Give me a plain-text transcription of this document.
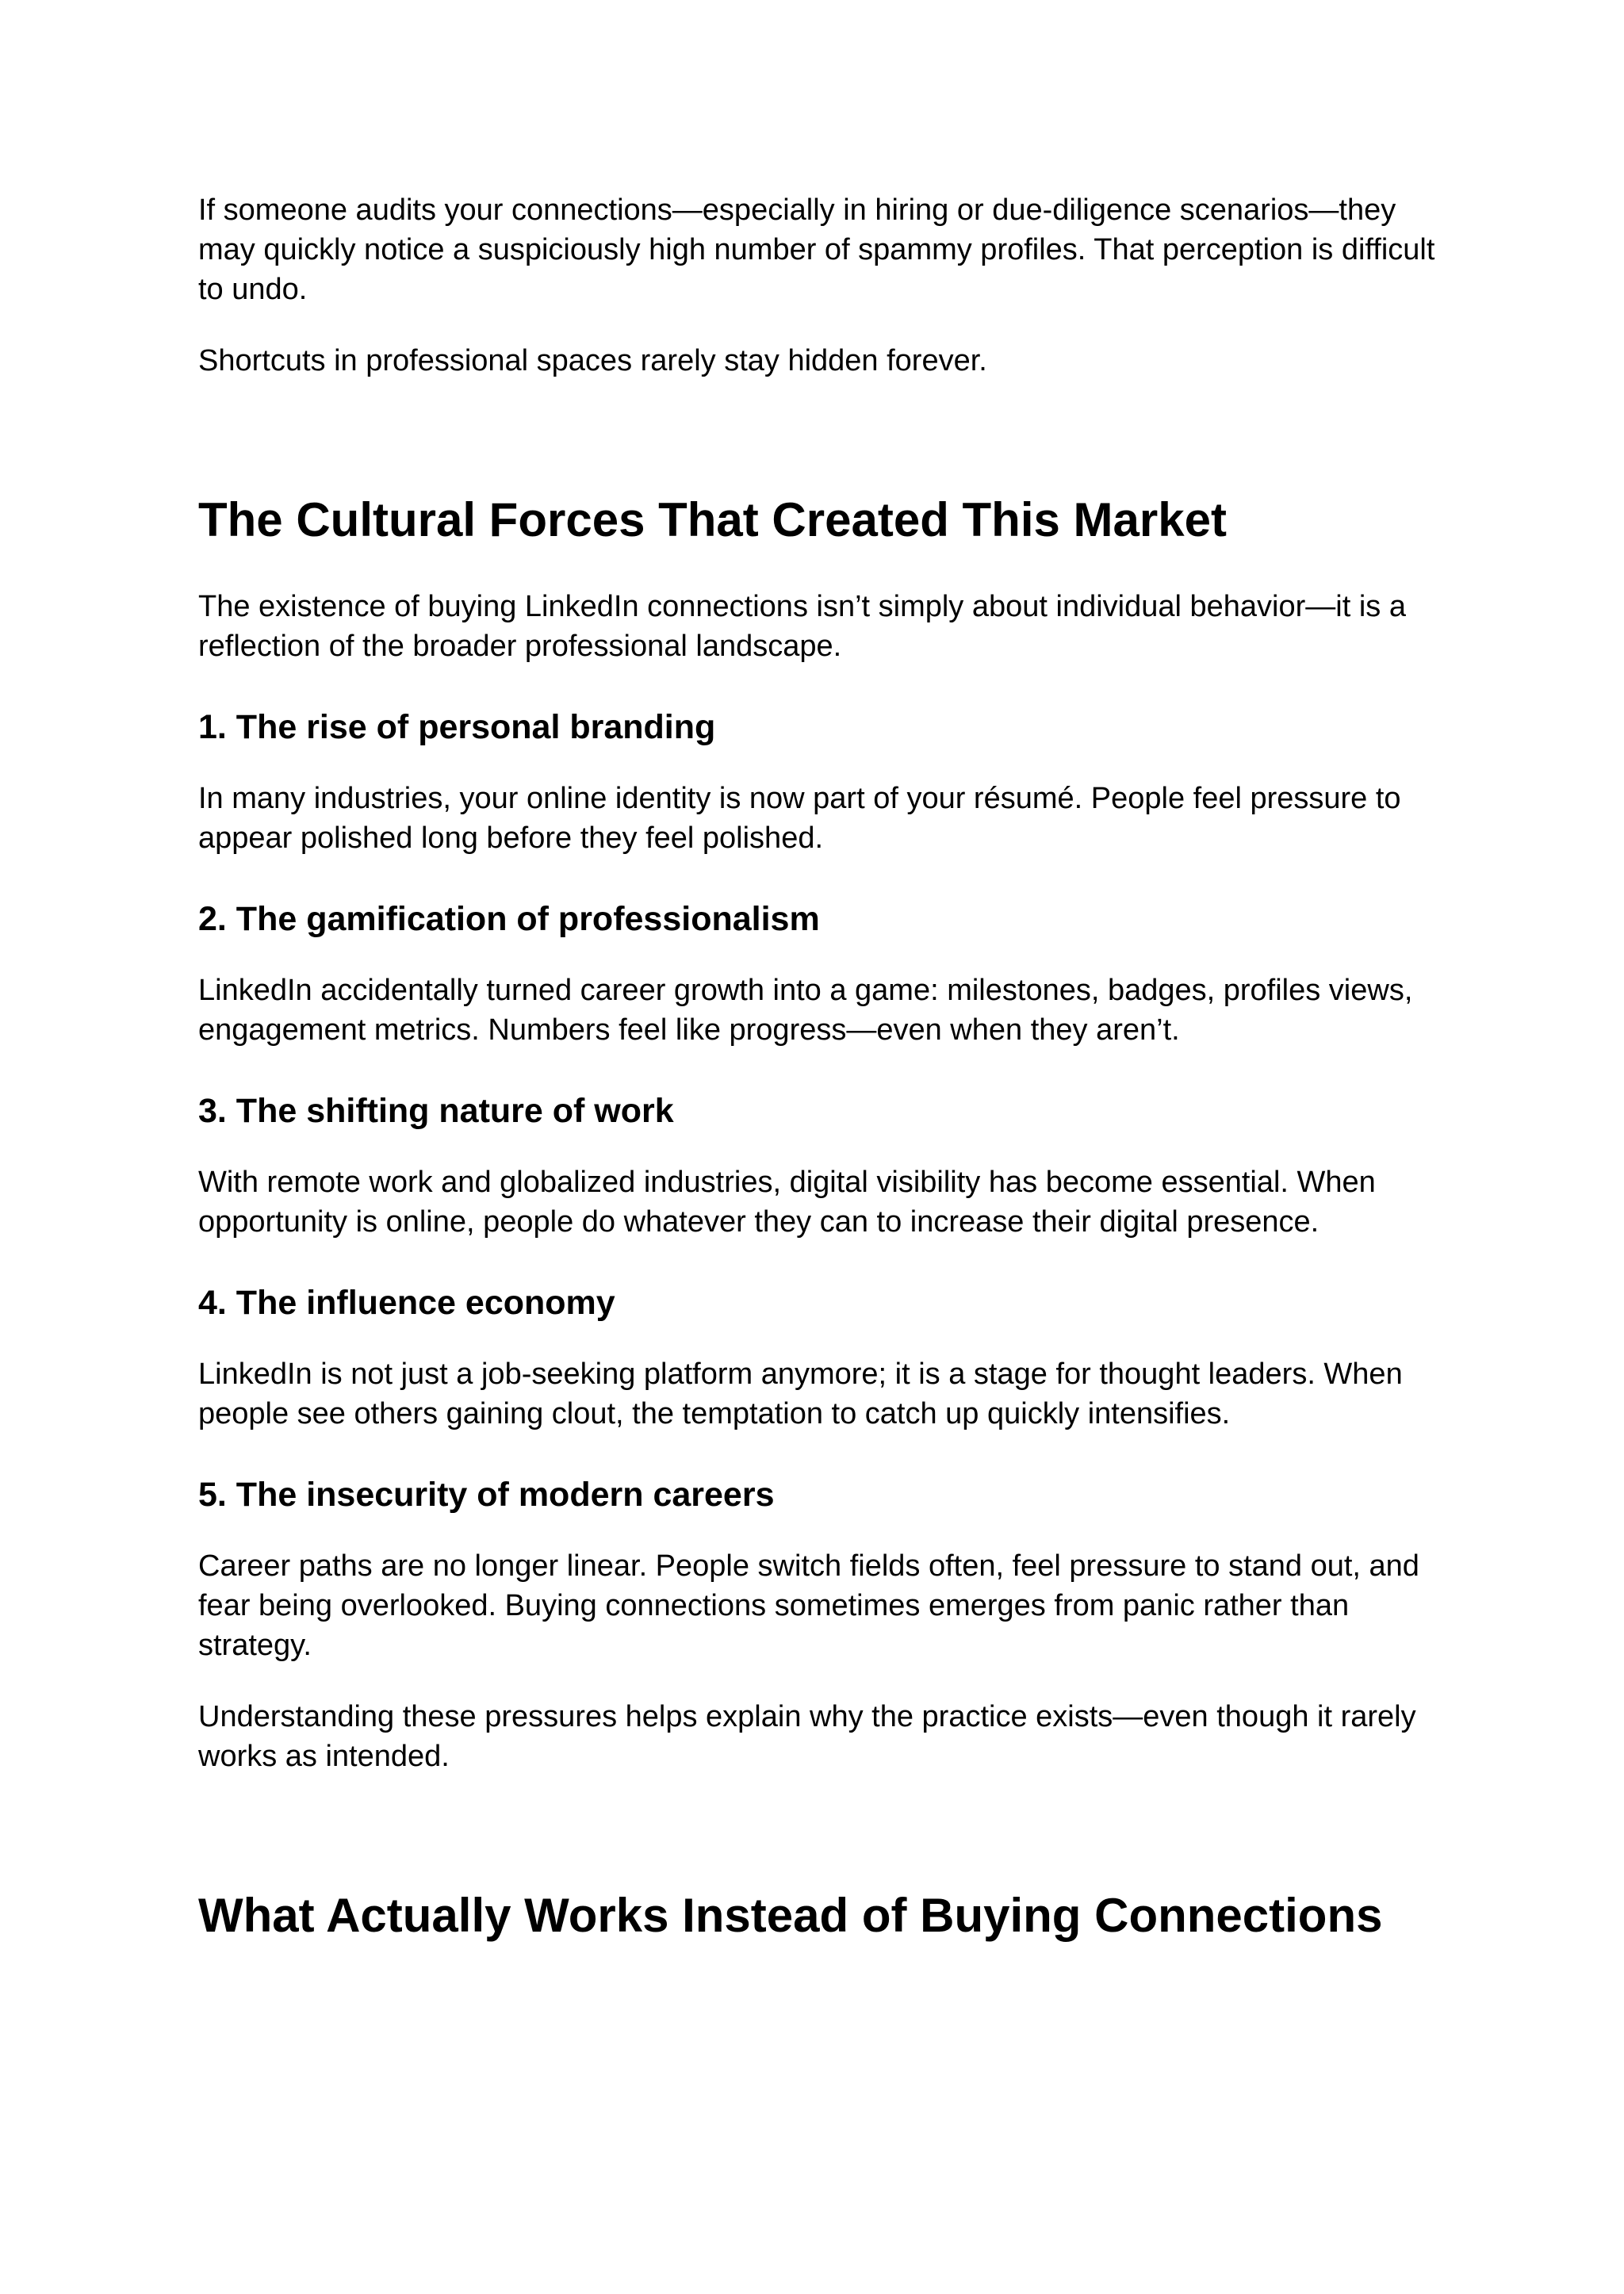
If someone audits your connections—especially in hiring or due-diligence scenarios—they may quickly notice a suspiciously high number of spammy profiles. That perception is difficult to undo.

Shortcuts in professional spaces rarely stay hidden forever.

The Cultural Forces That Created This Market

The existence of buying LinkedIn connections isn’t simply about individual behavior—it is a reflection of the broader professional landscape.

1. The rise of personal branding

In many industries, your online identity is now part of your résumé. People feel pressure to appear polished long before they feel polished.

2. The gamification of professionalism

LinkedIn accidentally turned career growth into a game: milestones, badges, profiles views, engagement metrics. Numbers feel like progress—even when they aren’t.

3. The shifting nature of work

With remote work and globalized industries, digital visibility has become essential. When opportunity is online, people do whatever they can to increase their digital presence.

4. The influence economy

LinkedIn is not just a job-seeking platform anymore; it is a stage for thought leaders. When people see others gaining clout, the temptation to catch up quickly intensifies.

5. The insecurity of modern careers

Career paths are no longer linear. People switch fields often, feel pressure to stand out, and fear being overlooked. Buying connections sometimes emerges from panic rather than strategy.

Understanding these pressures helps explain why the practice exists—even though it rarely works as intended.

What Actually Works Instead of Buying Connections
